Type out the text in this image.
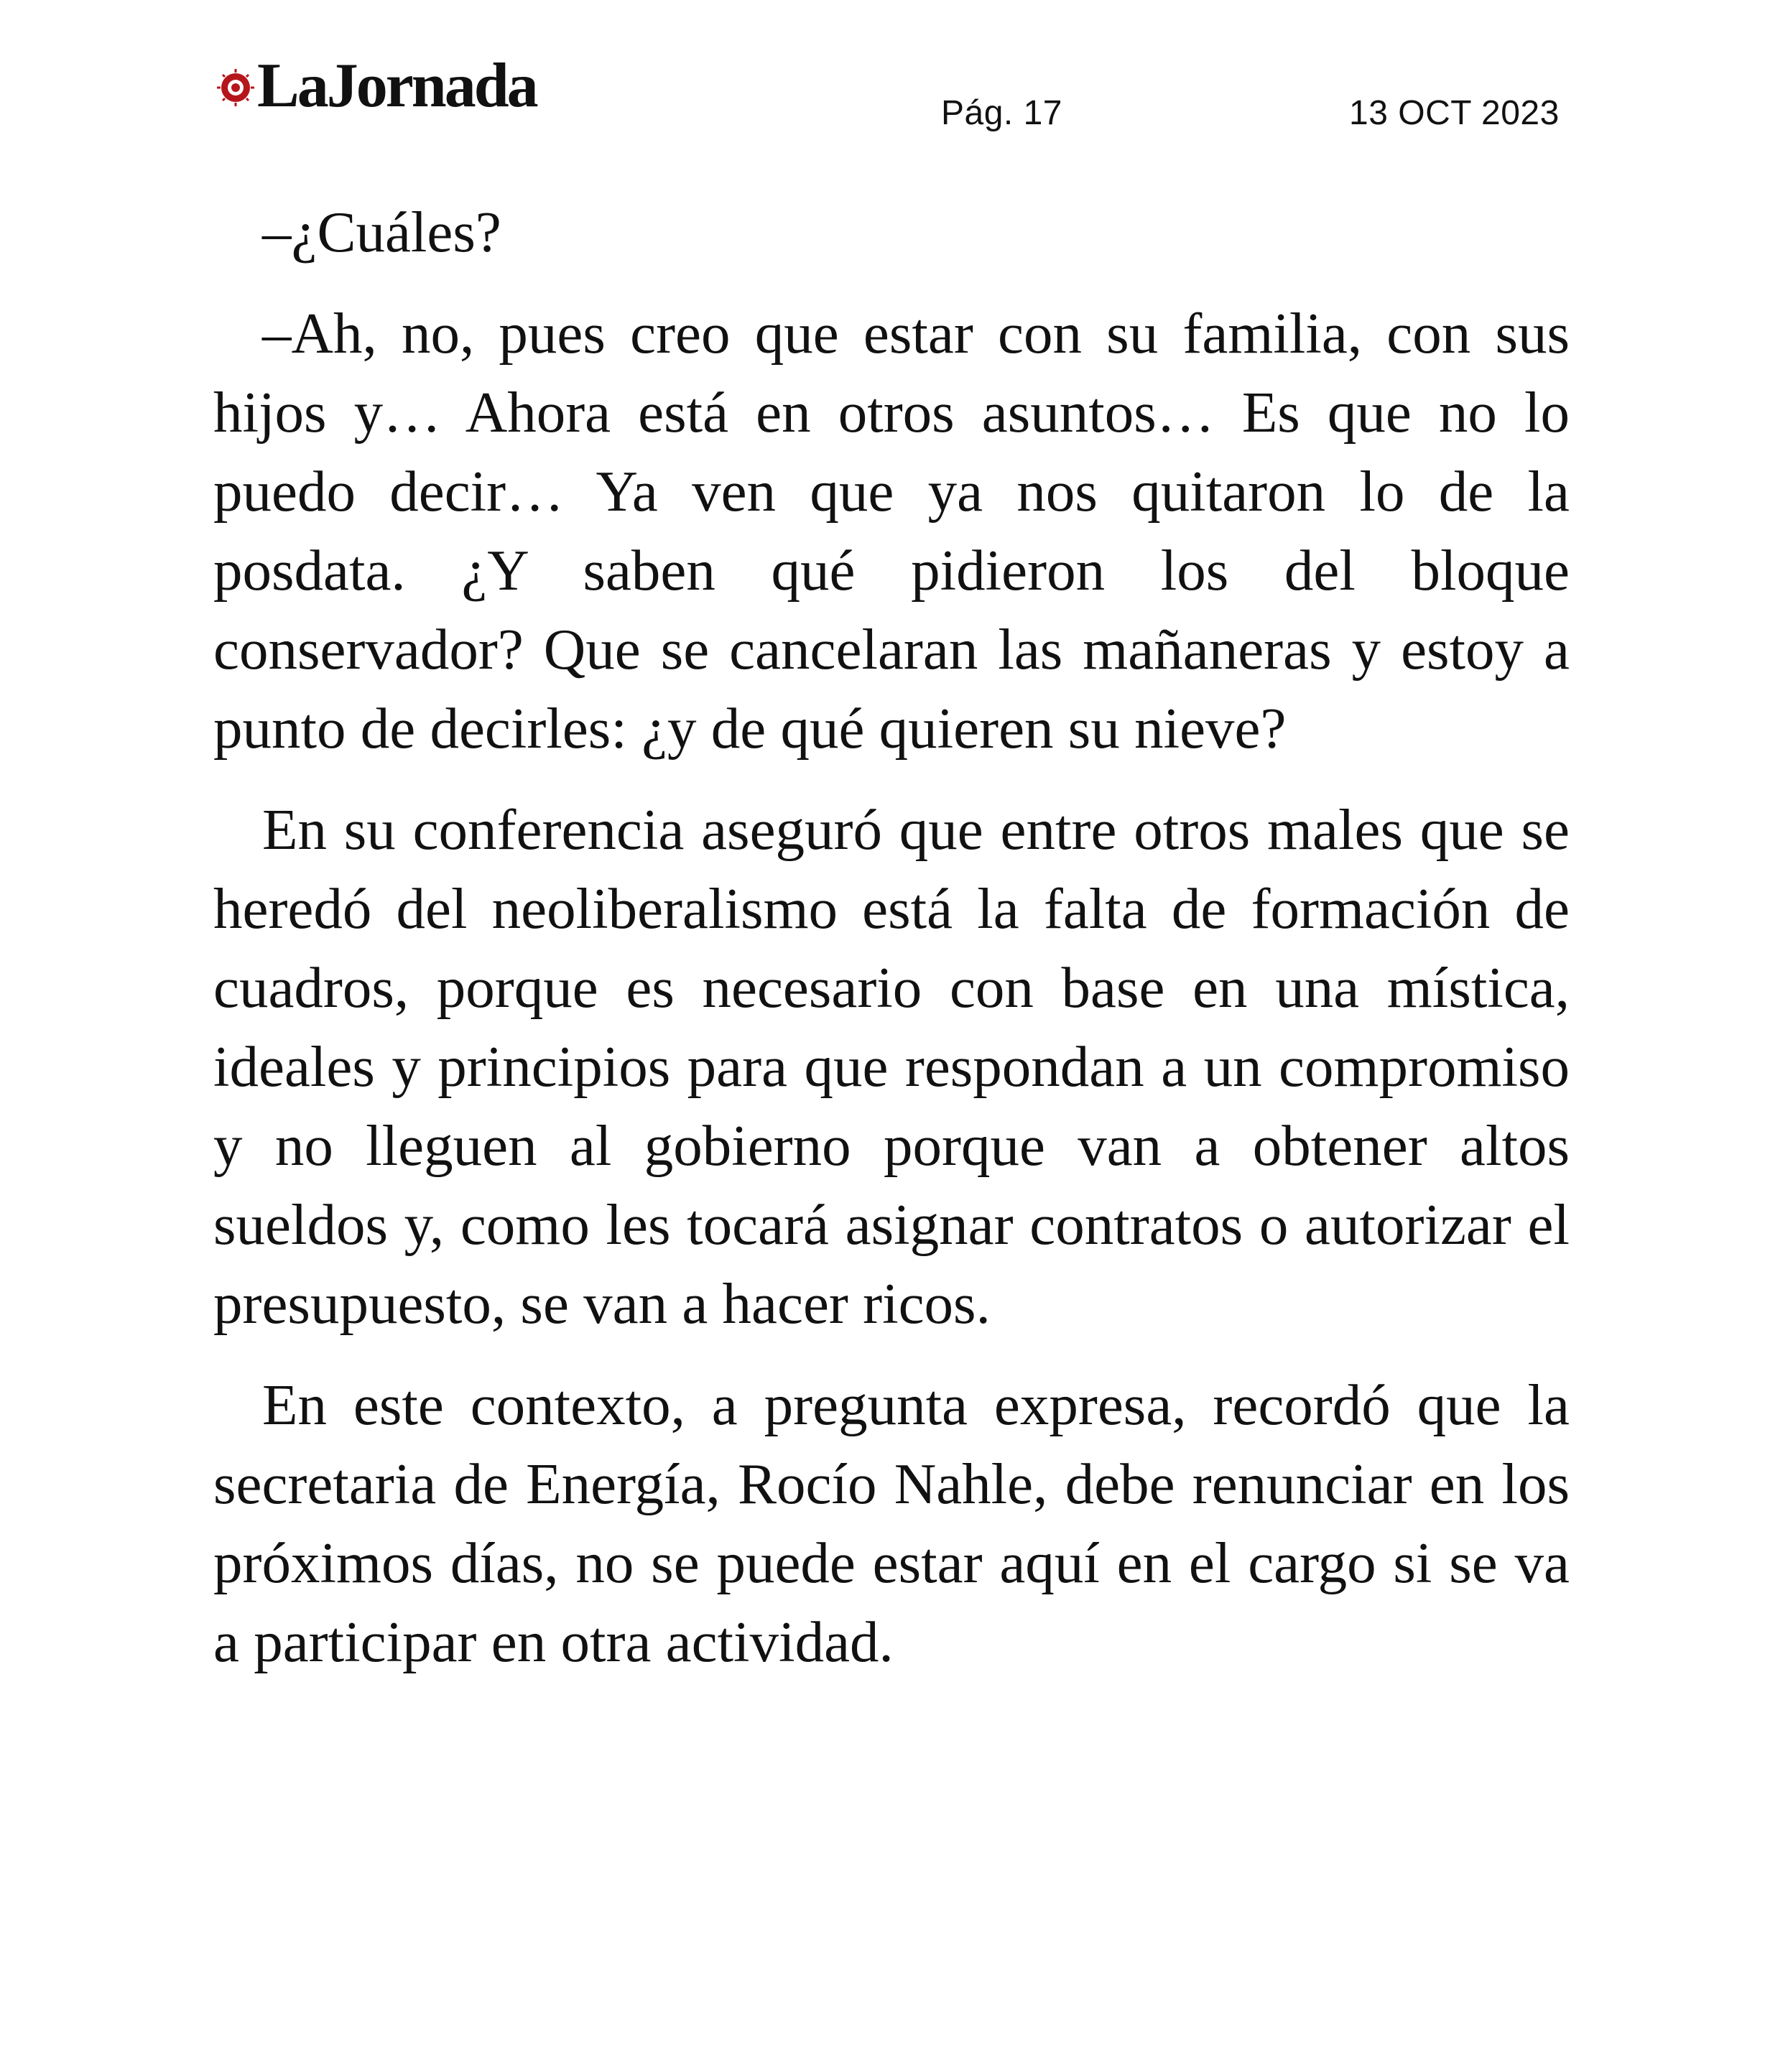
LaJornada	Pág. 17	13 OCT 2023

–¿Cuáles?

–Ah, no, pues creo que estar con su familia, con sus hijos y… Ahora está en otros asuntos… Es que no lo puedo decir… Ya ven que ya nos quitaron lo de la posdata. ¿Y saben qué pidieron los del bloque conservador? Que se cancelaran las mañaneras y estoy a punto de decirles: ¿y de qué quieren su nieve?

En su conferencia aseguró que entre otros males que se heredó del neoliberalismo está la falta de formación de cuadros, porque es necesario con base en una mística, ideales y principios para que respondan a un compromiso y no lleguen al gobierno porque van a obtener altos sueldos y, como les tocará asignar contratos o autorizar el presupuesto, se van a hacer ricos.

En este contexto, a pregunta expresa, recordó que la secretaria de Energía, Rocío Nahle, debe renunciar en los próximos días, no se puede estar aquí en el cargo si se va a participar en otra actividad.
